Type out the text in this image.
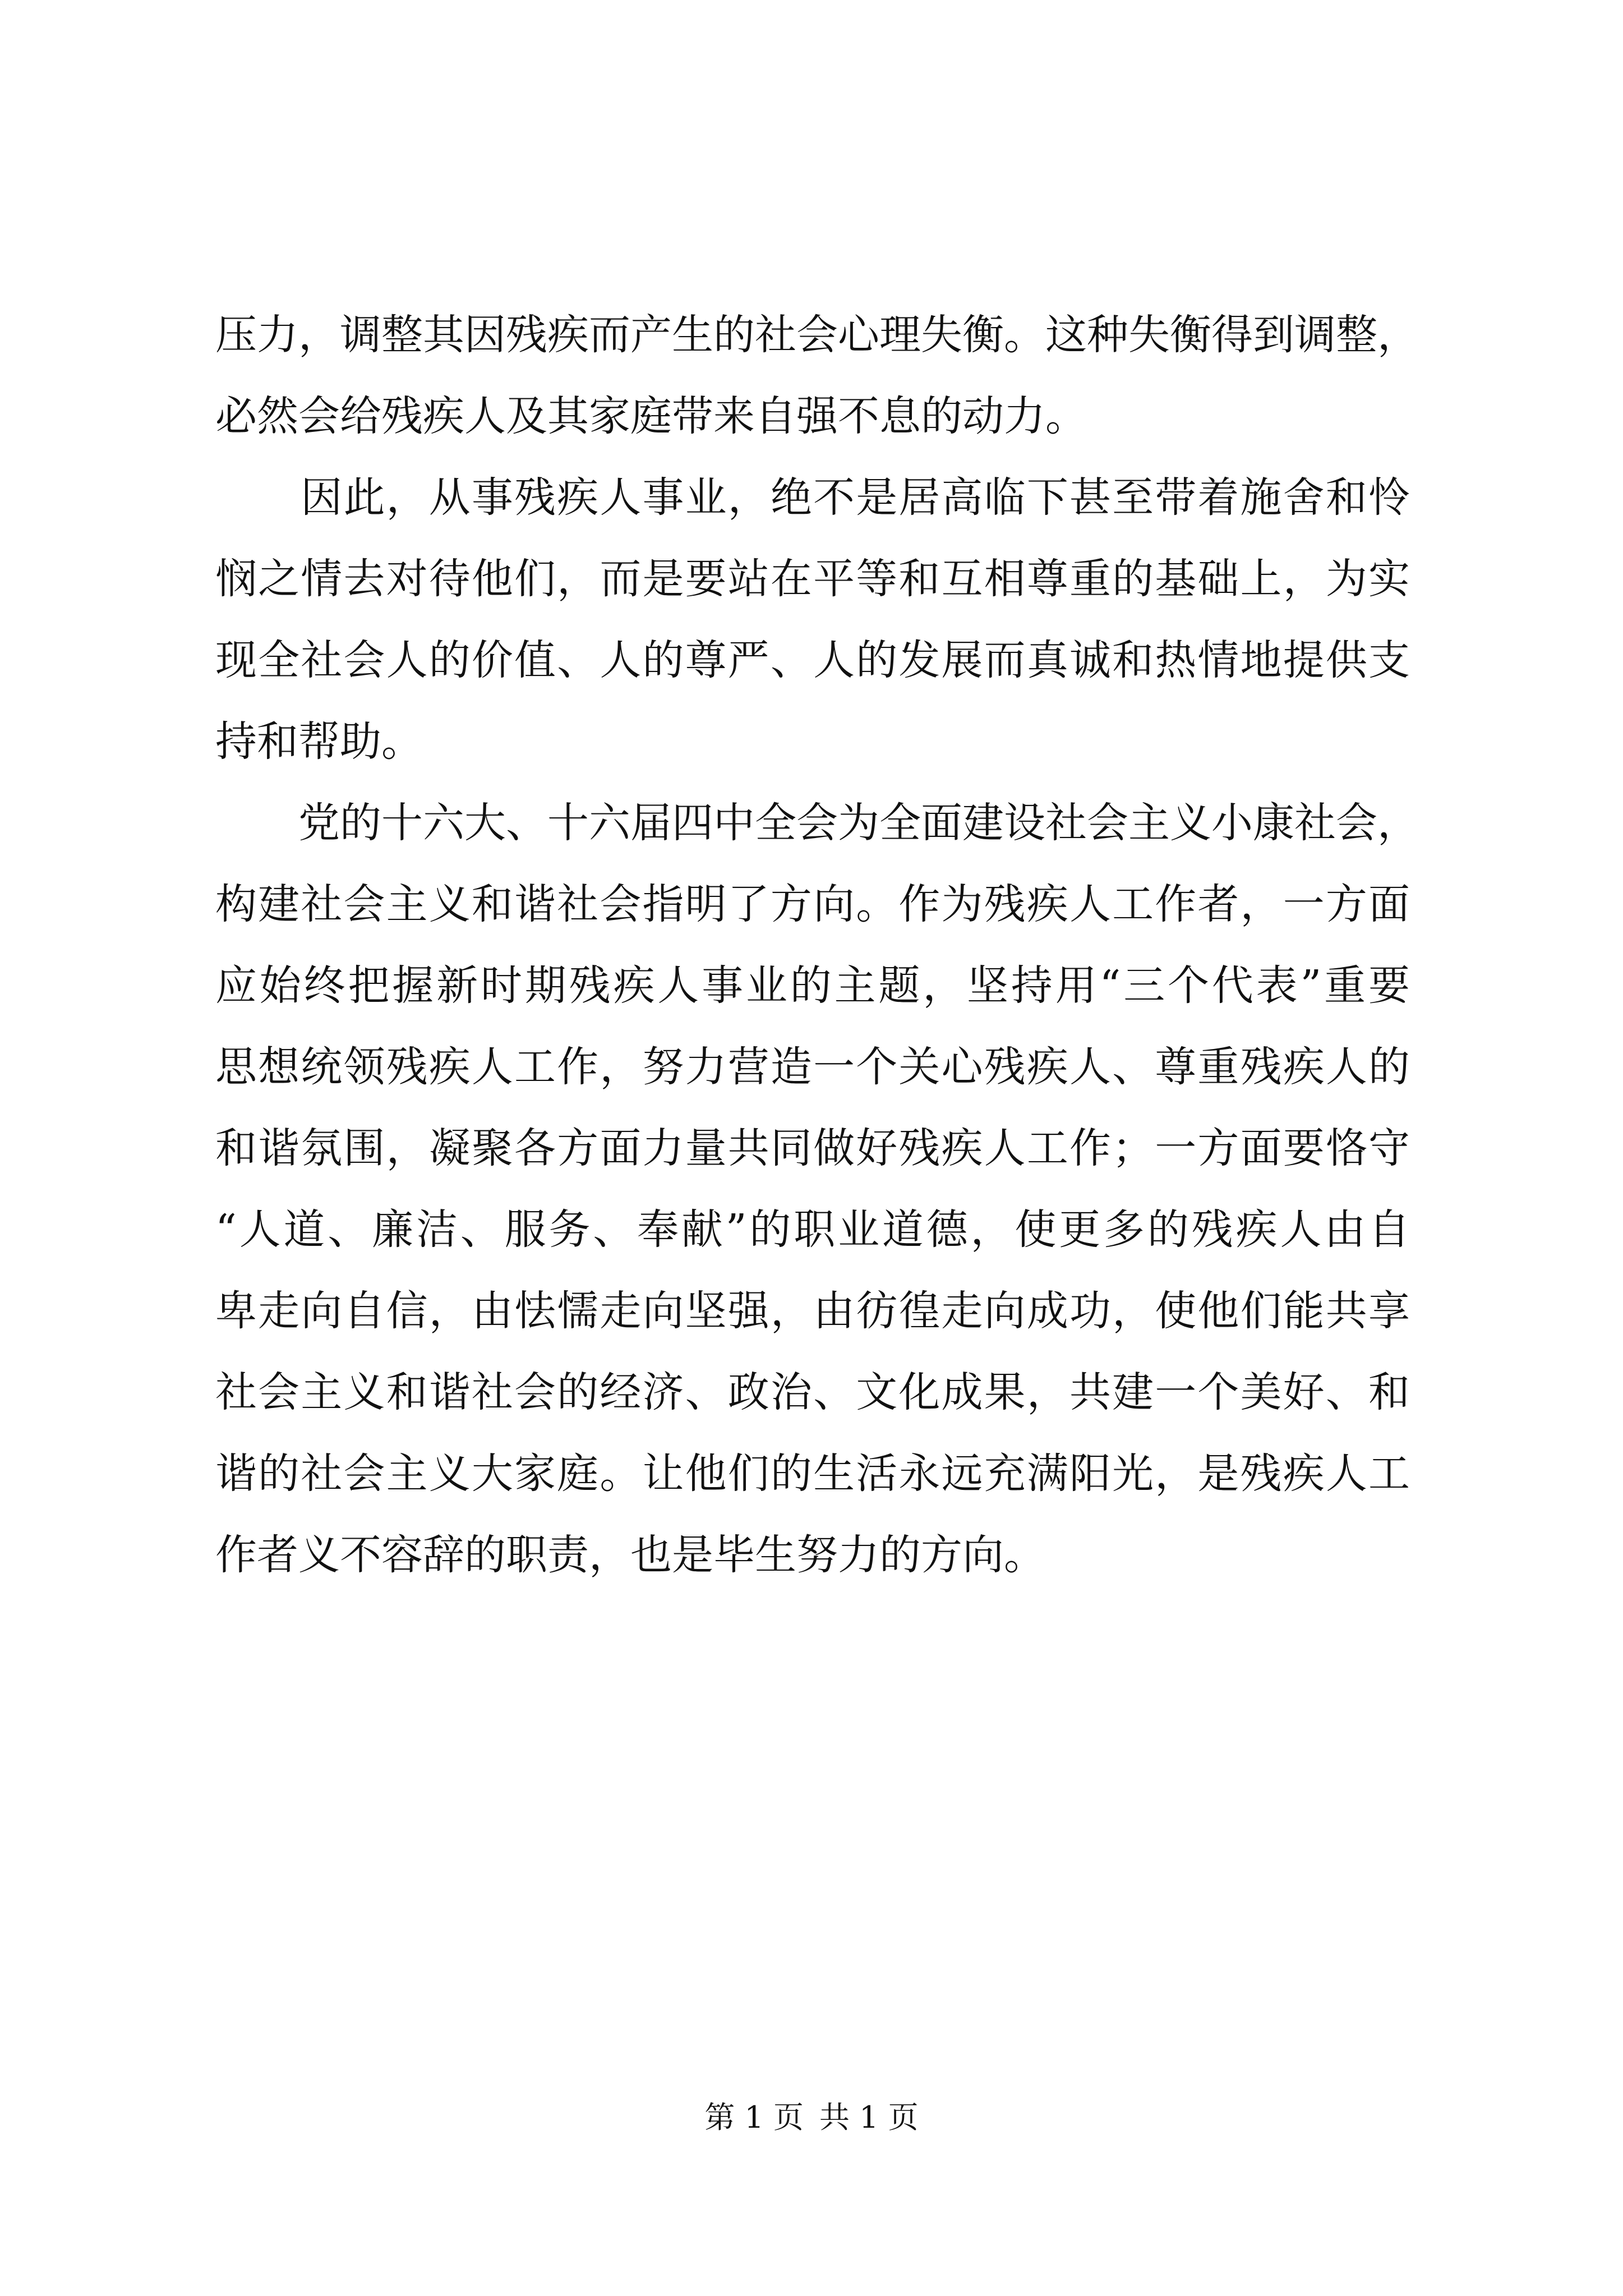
压力，调整其因残疾而产生的社会心理失衡。这种失衡得到调整，
必然会给残疾人及其家庭带来自强不息的动力。
　　因此，从事残疾人事业，绝不是居高临下甚至带着施舍和怜
悯之情去对待他们，而是要站在平等和互相尊重的基础上，为实
现全社会人的价值、人的尊严、人的发展而真诚和热情地提供支
持和帮助。
　　党的十六大、十六届四中全会为全面建设社会主义小康社会，
构建社会主义和谐社会指明了方向。作为残疾人工作者，一方面
应始终把握新时期残疾人事业的主题，坚持用“三个代表”重要
思想统领残疾人工作，努力营造一个关心残疾人、尊重残疾人的
和谐氛围，凝聚各方面力量共同做好残疾人工作；一方面要恪守
“人道、廉洁、服务、奉献”的职业道德，使更多的残疾人由自
卑走向自信，由怯懦走向坚强，由彷徨走向成功，使他们能共享
社会主义和谐社会的经济、政治、文化成果，共建一个美好、和
谐的社会主义大家庭。让他们的生活永远充满阳光，是残疾人工
作者义不容辞的职责，也是毕生努力的方向。
第 1 页 共 1 页
